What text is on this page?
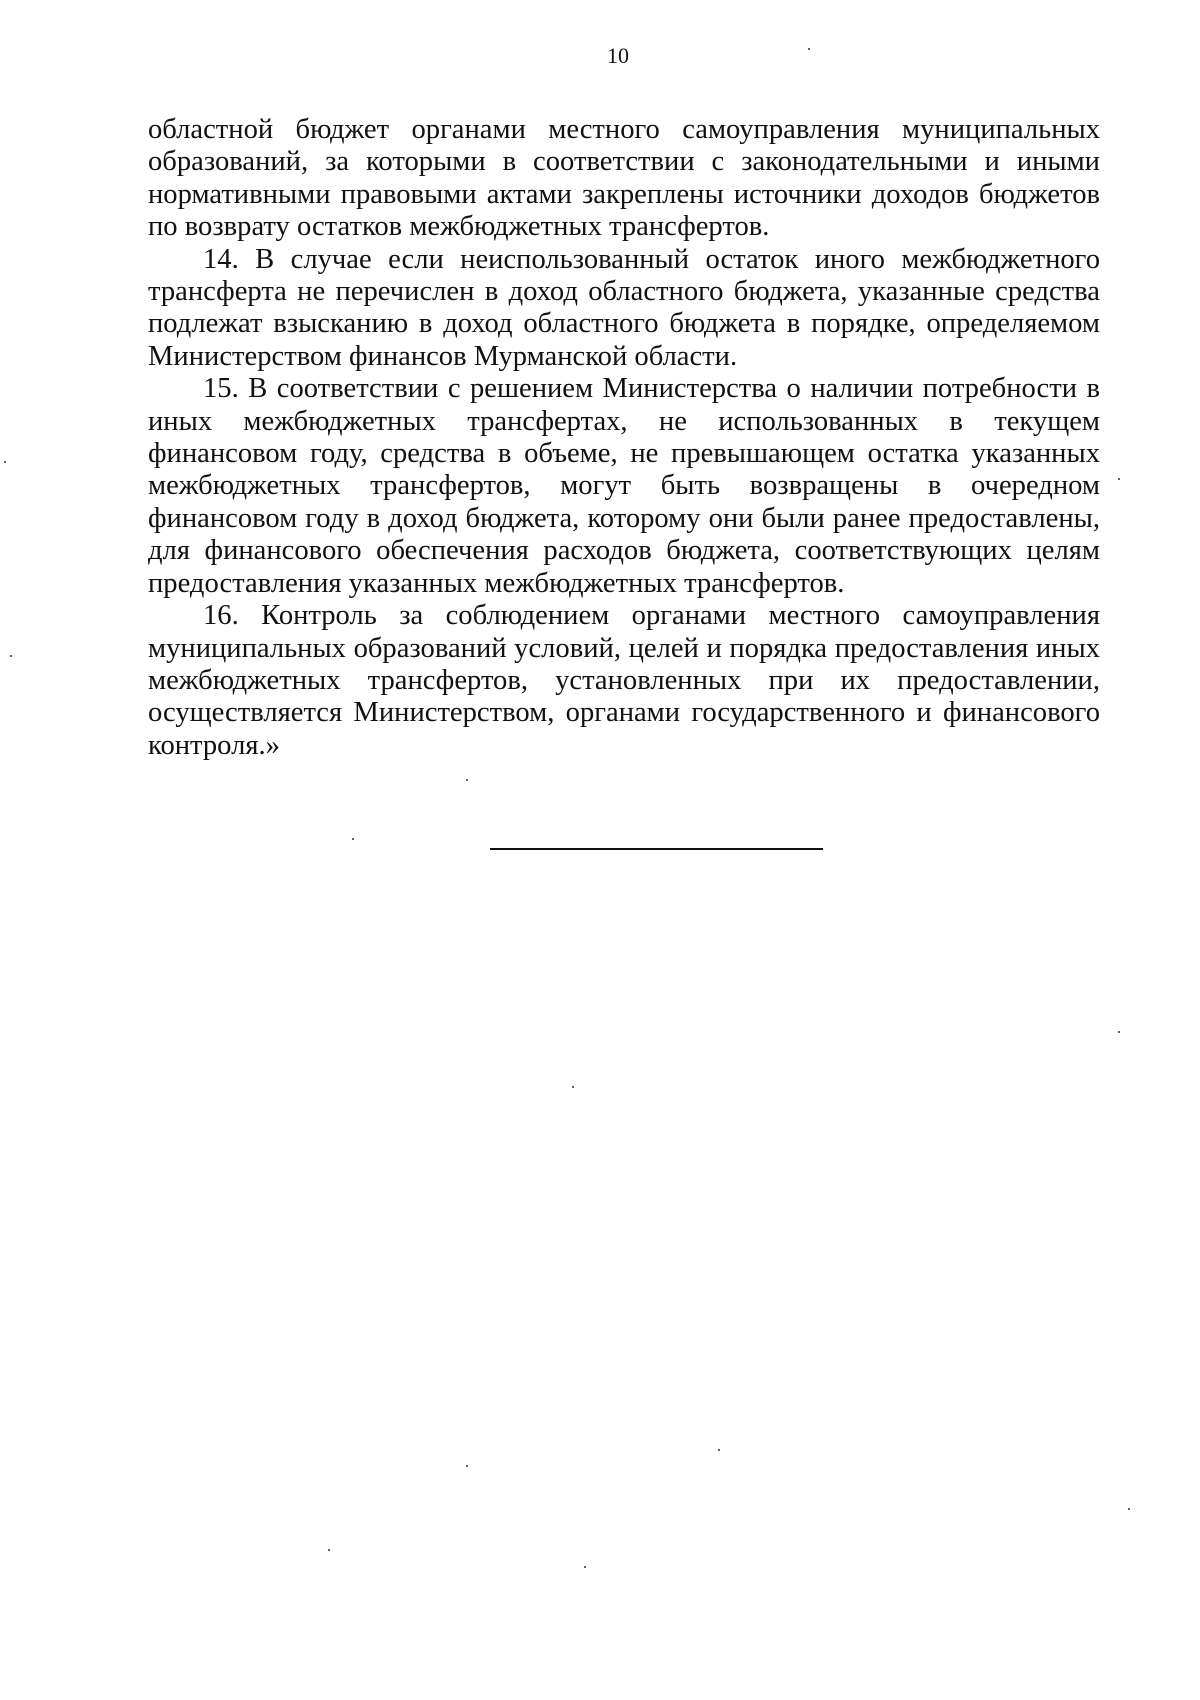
10

областной бюджет органами местного самоуправления муниципальных образований, за которыми в соответствии с законодательными и иными нормативными правовыми актами закреплены источники доходов бюджетов по возврату остатков межбюджетных трансфертов.

14. В случае если неиспользованный остаток иного межбюджетного трансферта не перечислен в доход областного бюджета, указанные средства подлежат взысканию в доход областного бюджета в порядке, определяемом Министерством финансов Мурманской области.

15. В соответствии с решением Министерства о наличии потребности в иных межбюджетных трансфертах, не использованных в текущем финансовом году, средства в объеме, не превышающем остатка указанных межбюджетных трансфертов, могут быть возвращены в очередном финансовом году в доход бюджета, которому они были ранее предоставлены, для финансового обеспечения расходов бюджета, соответствующих целям предоставления указанных межбюджетных трансфертов.

16. Контроль за соблюдением органами местного самоуправления муниципальных образований условий, целей и порядка предоставления иных межбюджетных трансфертов, установленных при их предоставлении, осуществляется Министерством, органами государственного и финансового контроля.»
